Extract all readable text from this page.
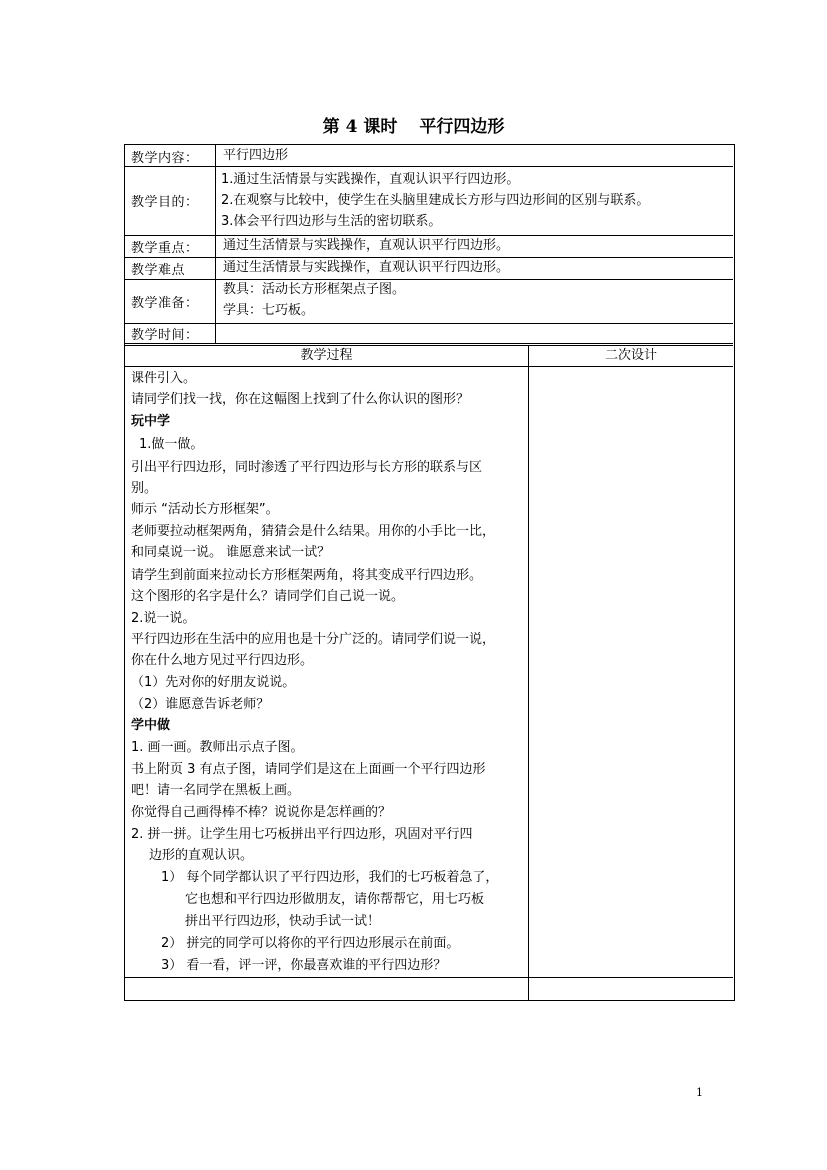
第 4 课时 平行四边形
教学内容：	平行四边形
教学目的：
1.通过生活情景与实践操作，直观认识平行四边形。
2.在观察与比较中，使学生在头脑里建成长方形与四边形间的区别与联系。
3.体会平行四边形与生活的密切联系。
教学重点：	通过生活情景与实践操作，直观认识平行四边形。
教学难点	通过生活情景与实践操作，直观认识平行四边形。
教学准备：
教具：活动长方形框架点子图。
学具：七巧板。
教学时间：
教学过程	二次设计
课件引入。
请同学们找一找，你在这幅图上找到了什么你认识的图形？
玩中学
1.做一做。
引出平行四边形，同时渗透了平行四边形与长方形的联系与区
别。
师示 “活动长方形框架”。
老师要拉动框架两角，猜猜会是什么结果。用你的小手比一比，
和同桌说一说。 谁愿意来试一试？
请学生到前面来拉动长方形框架两角，将其变成平行四边形。
这个图形的名字是什么？请同学们自己说一说。
2.说一说。
平行四边形在生活中的应用也是十分广泛的。请同学们说一说，
你在什么地方见过平行四边形。
（1）先对你的好朋友说说。
（2）谁愿意告诉老师？
学中做
1. 画一画。教师出示点子图。
书上附页 3 有点子图，请同学们是这在上面画一个平行四边形
吧！请一名同学在黑板上画。
你觉得自己画得棒不棒？说说你是怎样画的？
2. 拼一拼。让学生用七巧板拼出平行四边形，巩固对平行四
边形的直观认识。
1） 每个同学都认识了平行四边形，我们的七巧板着急了，
它也想和平行四边形做朋友，请你帮帮它，用七巧板
拼出平行四边形，快动手试一试！
2） 拼完的同学可以将你的平行四边形展示在前面。
3） 看一看，评一评，你最喜欢谁的平行四边形？
1
